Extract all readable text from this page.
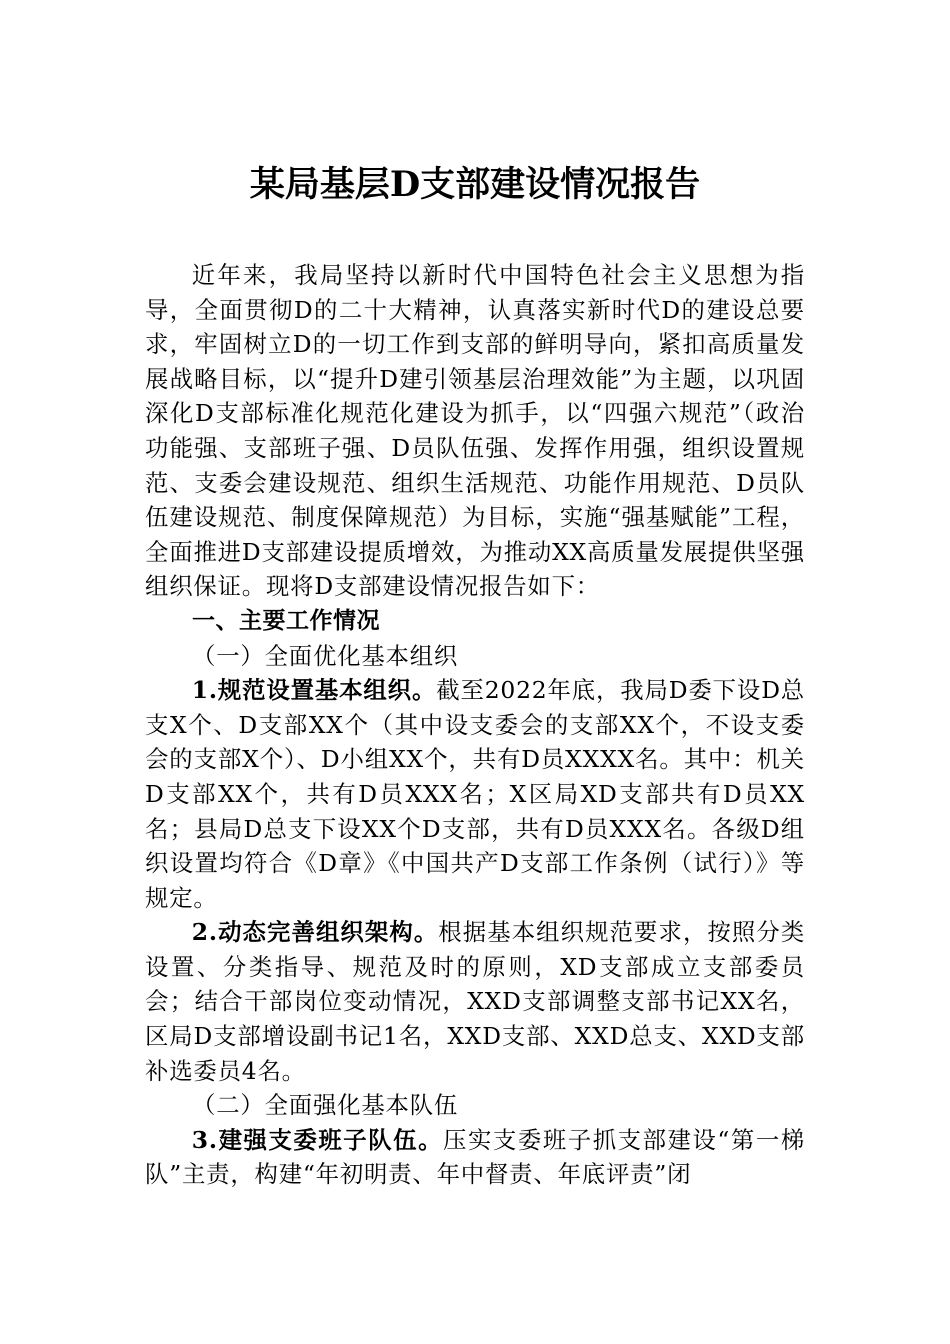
某局基层D支部建设情况报告

近年来，我局坚持以新时代中国特色社会主义思想为指导，全面贯彻D的二十大精神，认真落实新时代D的建设总要求，牢固树立D的一切工作到支部的鲜明导向，紧扣高质量发展战略目标，以“提升D建引领基层治理效能”为主题，以巩固深化D支部标准化规范化建设为抓手，以“四强六规范”（政治功能强、支部班子强、D员队伍强、发挥作用强，组织设置规范、支委会建设规范、组织生活规范、功能作用规范、D员队伍建设规范、制度保障规范）为目标，实施“强基赋能”工程，全面推进D支部建设提质增效，为推动XX高质量发展提供坚强组织保证。现将D支部建设情况报告如下：

一、主要工作情况

（一）全面优化基本组织

1.规范设置基本组织。截至2022年底，我局D委下设D总支X个、D支部XX个（其中设支委会的支部XX个，不设支委会的支部X个）、D小组XX个，共有D员XXXX名。其中：机关D支部XX个，共有D员XXX名；X区局XD支部共有D员XX名；县局D总支下设XX个D支部，共有D员XXX名。各级D组织设置均符合《D章》《中国共产D支部工作条例（试行）》等规定。

2.动态完善组织架构。根据基本组织规范要求，按照分类设置、分类指导、规范及时的原则，XD支部成立支部委员会；结合干部岗位变动情况，XXD支部调整支部书记XX名，区局D支部增设副书记1名，XXD支部、XXD总支、XXD支部补选委员4名。

（二）全面强化基本队伍

3.建强支委班子队伍。压实支委班子抓支部建设“第一梯队”主责，构建“年初明责、年中督责、年底评责”闭
